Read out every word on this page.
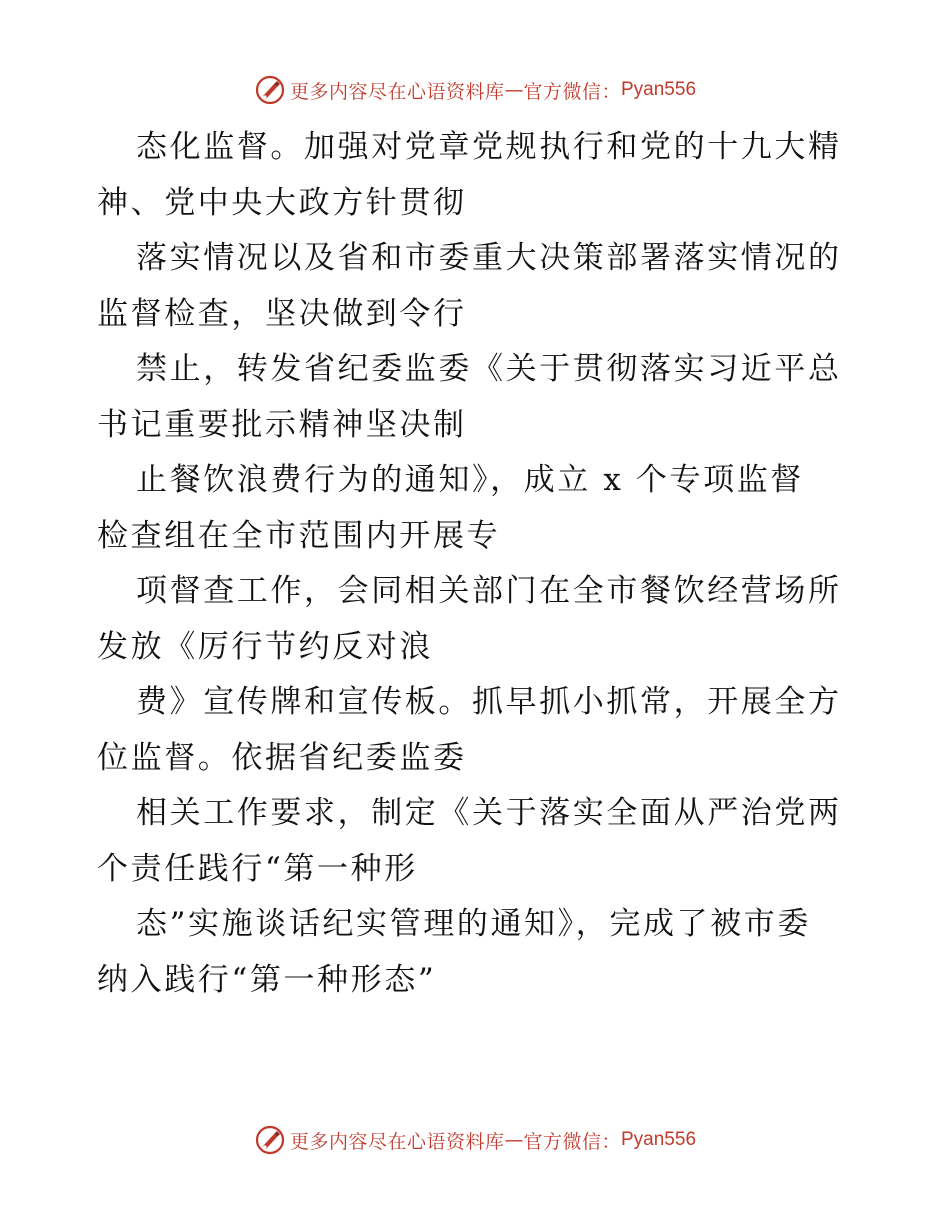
更多内容尽在心语资料库 — 官方微信： Pyan556

态化监督。加强对党章党规执行和党的十九大精
神、党中央大政方针贯彻

落实情况以及省和市委重大决策部署落实情况的
监督检查，坚决做到令行

禁止，转发省纪委监委《关于贯彻落实习近平总
书记重要批示精神坚决制

止餐饮浪费行为的通知》，成立 x 个专项监督
检查组在全市范围内开展专

项督查工作，会同相关部门在全市餐饮经营场所
发放《厉行节约反对浪

费》宣传牌和宣传板。抓早抓小抓常，开展全方
位监督。依据省纪委监委

相关工作要求，制定《关于落实全面从严治党两
个责任践行“第一种形

态”实施谈话纪实管理的通知》，完成了被市委
纳入践行“第一种形态”

更多内容尽在心语资料库 — 官方微信： Pyan556
